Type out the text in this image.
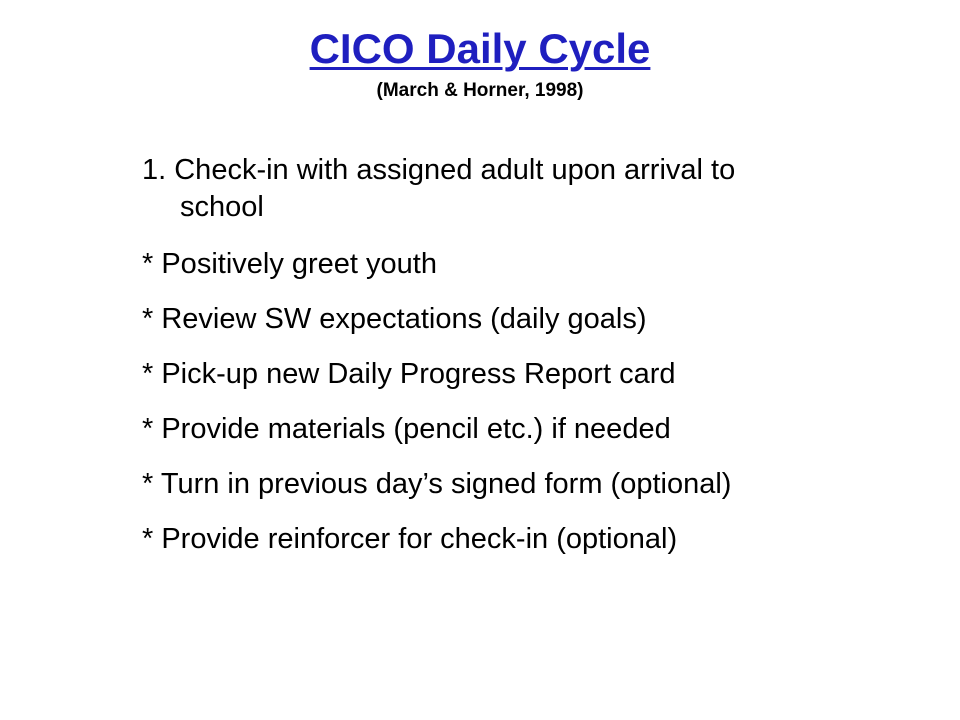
CICO Daily Cycle
(March & Horner, 1998)

1. Check-in with assigned adult upon arrival to
school

* Positively greet youth

* Review SW expectations (daily goals)

* Pick-up new Daily Progress Report card

* Provide materials (pencil etc.) if needed

* Turn in previous day’s signed form (optional)

* Provide reinforcer for check-in (optional)
